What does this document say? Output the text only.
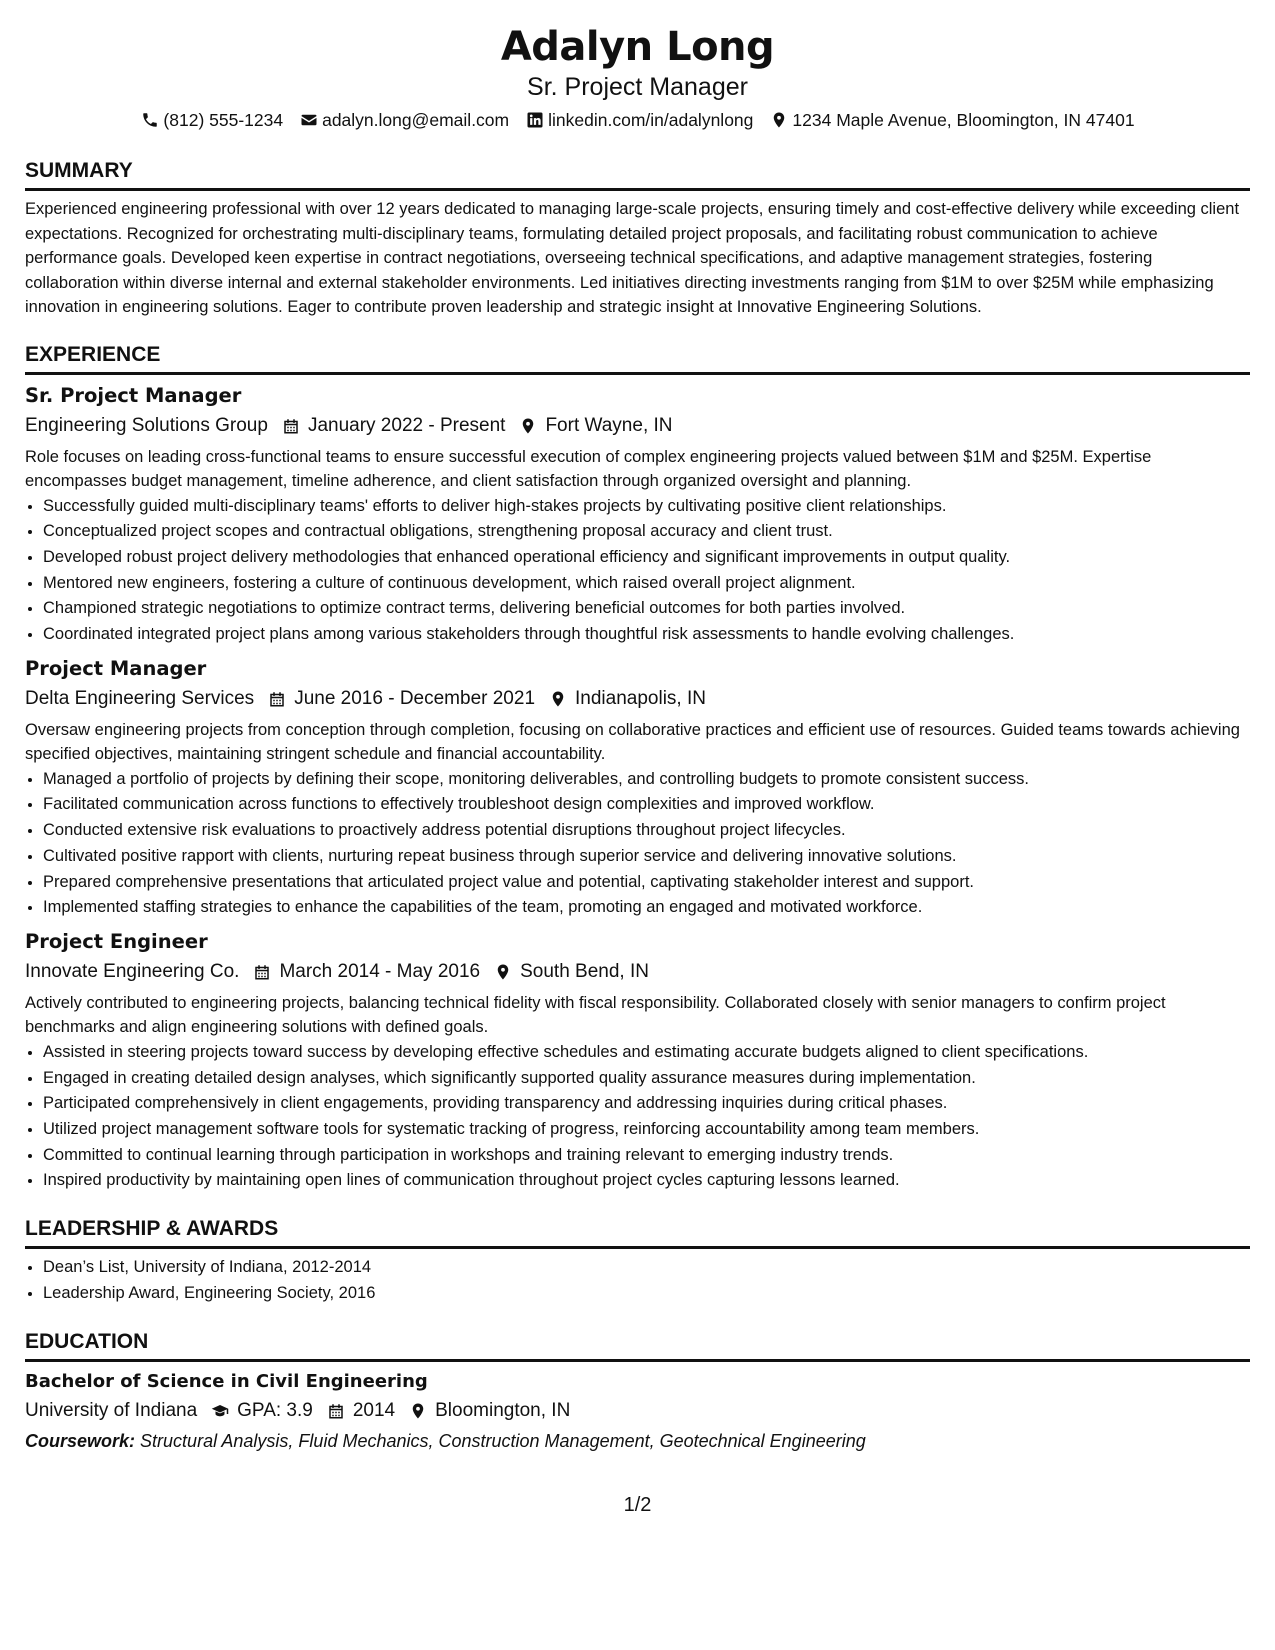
Adalyn Long
Sr. Project Manager
(812) 555-1234 adalyn.long@email.com linkedin.com/in/adalynlong 1234 Maple Avenue, Bloomington, IN 47401
SUMMARY
Experienced engineering professional with over 12 years dedicated to managing large-scale projects, ensuring timely and cost-effective delivery while exceeding client expectations. Recognized for orchestrating multi-disciplinary teams, formulating detailed project proposals, and facilitating robust communication to achieve performance goals. Developed keen expertise in contract negotiations, overseeing technical specifications, and adaptive management strategies, fostering collaboration within diverse internal and external stakeholder environments. Led initiatives directing investments ranging from $1M to over $25M while emphasizing innovation in engineering solutions. Eager to contribute proven leadership and strategic insight at Innovative Engineering Solutions.
EXPERIENCE
Sr. Project Manager
Engineering Solutions Group January 2022 - Present Fort Wayne, IN
Role focuses on leading cross-functional teams to ensure successful execution of complex engineering projects valued between $1M and $25M. Expertise encompasses budget management, timeline adherence, and client satisfaction through organized oversight and planning.
• Successfully guided multi-disciplinary teams' efforts to deliver high-stakes projects by cultivating positive client relationships.
• Conceptualized project scopes and contractual obligations, strengthening proposal accuracy and client trust.
• Developed robust project delivery methodologies that enhanced operational efficiency and significant improvements in output quality.
• Mentored new engineers, fostering a culture of continuous development, which raised overall project alignment.
• Championed strategic negotiations to optimize contract terms, delivering beneficial outcomes for both parties involved.
• Coordinated integrated project plans among various stakeholders through thoughtful risk assessments to handle evolving challenges.
Project Manager
Delta Engineering Services June 2016 - December 2021 Indianapolis, IN
Oversaw engineering projects from conception through completion, focusing on collaborative practices and efficient use of resources. Guided teams towards achieving specified objectives, maintaining stringent schedule and financial accountability.
• Managed a portfolio of projects by defining their scope, monitoring deliverables, and controlling budgets to promote consistent success.
• Facilitated communication across functions to effectively troubleshoot design complexities and improved workflow.
• Conducted extensive risk evaluations to proactively address potential disruptions throughout project lifecycles.
• Cultivated positive rapport with clients, nurturing repeat business through superior service and delivering innovative solutions.
• Prepared comprehensive presentations that articulated project value and potential, captivating stakeholder interest and support.
• Implemented staffing strategies to enhance the capabilities of the team, promoting an engaged and motivated workforce.
Project Engineer
Innovate Engineering Co. March 2014 - May 2016 South Bend, IN
Actively contributed to engineering projects, balancing technical fidelity with fiscal responsibility. Collaborated closely with senior managers to confirm project benchmarks and align engineering solutions with defined goals.
• Assisted in steering projects toward success by developing effective schedules and estimating accurate budgets aligned to client specifications.
• Engaged in creating detailed design analyses, which significantly supported quality assurance measures during implementation.
• Participated comprehensively in client engagements, providing transparency and addressing inquiries during critical phases.
• Utilized project management software tools for systematic tracking of progress, reinforcing accountability among team members.
• Committed to continual learning through participation in workshops and training relevant to emerging industry trends.
• Inspired productivity by maintaining open lines of communication throughout project cycles capturing lessons learned.
LEADERSHIP & AWARDS
• Dean’s List, University of Indiana, 2012-2014
• Leadership Award, Engineering Society, 2016
EDUCATION
Bachelor of Science in Civil Engineering
University of Indiana GPA: 3.9 2014 Bloomington, IN
Coursework: Structural Analysis, Fluid Mechanics, Construction Management, Geotechnical Engineering
1/2
